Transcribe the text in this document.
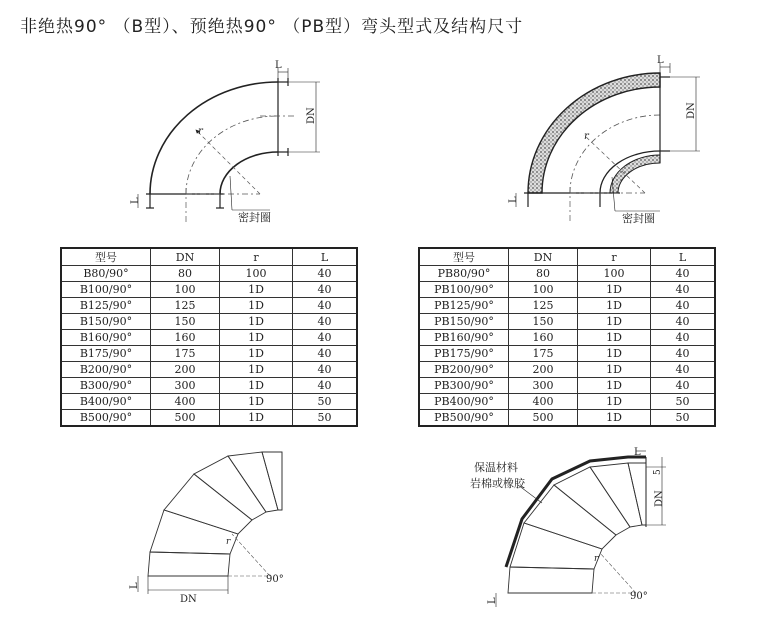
非绝热90° （B型）、预绝热90° （PB型）弯头型式及结构尺寸
r
L
DN
L
密封圈
r
L
DN
L
密封圈
型号	DN	r	L
B80/90°	80	100	40
B100/90°	100	1D	40
B125/90°	125	1D	40
B150/90°	150	1D	40
B160/90°	160	1D	40
B175/90°	175	1D	40
B200/90°	200	1D	40
B300/90°	300	1D	40
B400/90°	400	1D	50
B500/90°	500	1D	50
型号	DN	r	L
PB80/90°	80	100	40
PB100/90°	100	1D	40
PB125/90°	125	1D	40
PB150/90°	150	1D	40
PB160/90°	160	1D	40
PB175/90°	175	1D	40
PB200/90°	200	1D	40
PB300/90°	300	1D	40
PB400/90°	400	1D	50
PB500/90°	500	1D	50
90°
r
DN
L
90°
r
L
5
DN
L
保温材料
岩棉或橡胶
